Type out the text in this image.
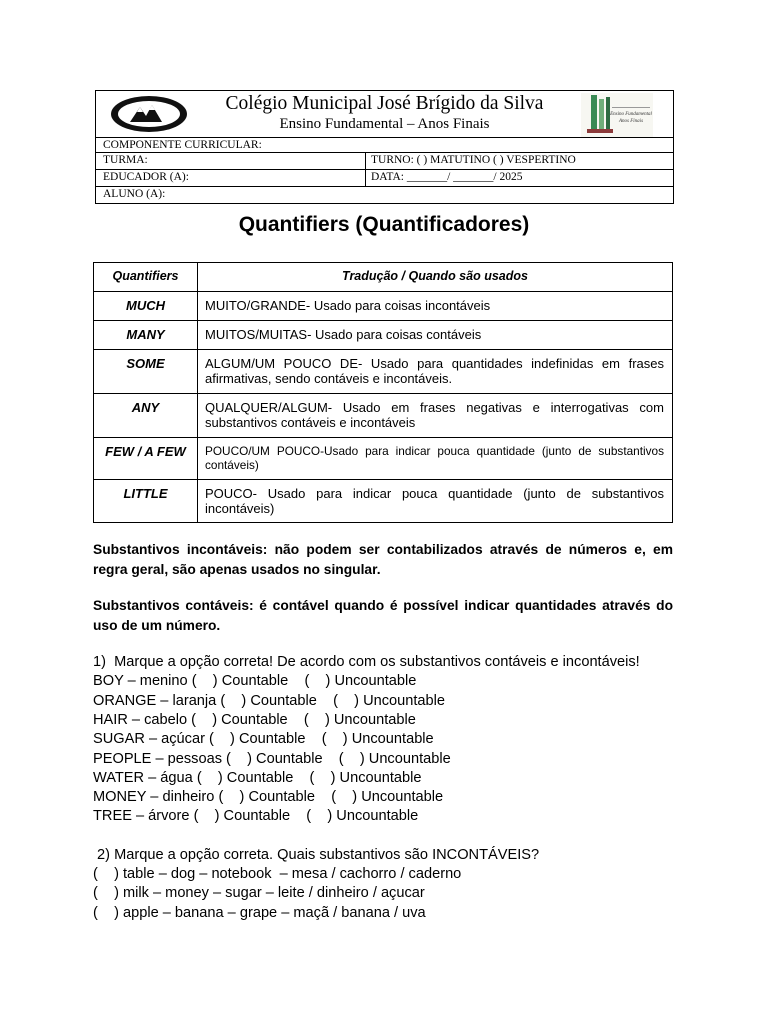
Colégio Municipal José Brígido da Silva
Ensino Fundamental – Anos Finais
Ensino Fundamental
Anos Finais
COMPONENTE CURRICULAR:
TURMA:	TURNO: ( ) MATUTINO ( ) VESPERTINO
EDUCADOR (A):	DATA: _______/ _______/ 2025
ALUNO (A):
Quantifiers (Quantificadores)
Quantifiers	Tradução / Quando são usados
MUCH	MUITO/GRANDE- Usado para coisas incontáveis
MANY	MUITOS/MUITAS- Usado para coisas contáveis
SOME	ALGUM/UM POUCO DE- Usado para quantidades indefinidas em frases afirmativas, sendo contáveis e incontáveis.
ANY	QUALQUER/ALGUM- Usado em frases negativas e interrogativas com substantivos contáveis e incontáveis
FEW / A FEW	POUCO/UM POUCO-Usado para indicar pouca quantidade (junto de substantivos contáveis)
LITTLE	POUCO- Usado para indicar pouca quantidade (junto de substantivos incontáveis)
Substantivos incontáveis: não podem ser contabilizados através de números e, em regra geral, são apenas usados no singular.
Substantivos contáveis: é contável quando é possível indicar quantidades através do uso de um número.
1)  Marque a opção correta! De acordo com os substantivos contáveis e incontáveis!
BOY – menino (    ) Countable    (    ) Uncountable
ORANGE – laranja (    ) Countable    (    ) Uncountable
HAIR – cabelo (    ) Countable    (    ) Uncountable
SUGAR – açúcar (    ) Countable    (    ) Uncountable
PEOPLE – pessoas (    ) Countable    (    ) Uncountable
WATER – água (    ) Countable    (    ) Uncountable
MONEY – dinheiro (    ) Countable    (    ) Uncountable
TREE – árvore (    ) Countable    (    ) Uncountable
2) Marque a opção correta. Quais substantivos são INCONTÁVEIS?
(    ) table – dog – notebook  – mesa / cachorro / caderno
(    ) milk – money – sugar – leite / dinheiro / açucar
(    ) apple – banana – grape – maçã / banana / uva
